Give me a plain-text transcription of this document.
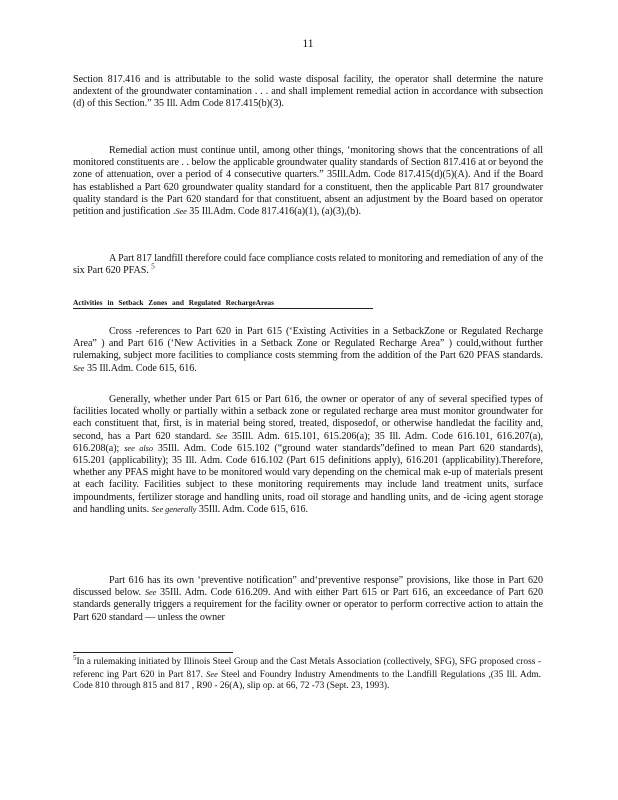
11

Section 817.416 and is attributable to the solid waste disposal facility, the operator shall determine the nature andextent of the groundwater contamination . . . and shall implement remedial action in accordance with subsection (d) of this Section.” 35 Ill. Adm Code 817.415(b)(3).

Remedial action must continue until, among other things, ‘monitoring shows that the concentrations of all monitored constituents are . . below the applicable groundwater quality standards of Section 817.416 at or beyond the zone of attenuation, over a period of 4 consecutive quarters.” 35Ill.Adm. Code 817.415(d)(5)(A). And if the Board has established a Part 620 groundwater quality standard for a constituent, then the applicable Part 817 groundwater quality standard is the Part 620 standard for that constituent, absent an adjustment by the Board based on operator petition and justification .See 35 Ill.Adm. Code 817.416(a)(1), (a)(3),(b).

A Part 817 landfill therefore could face compliance costs related to monitoring and remediation of any of the six Part 620 PFAS. $^5$

Activities in Setback Zones and Regulated RechargeAreas

Cross -references to Part 620 in Part 615 (‘Existing Activities in a SetbackZone or Regulated Recharge Area” ) and Part 616 (‘New Activities in a Setback Zone or Regulated Recharge Area” ) could,without further rulemaking, subject more facilities to compliance costs stemming from the addition of the Part 620 PFAS standards. See 35 Ill.Adm. Code 615, 616.

Generally, whether under Part 615 or Part 616, the owner or operator of any of several specified types of facilities located wholly or partially within a setback zone or regulated recharge area must monitor groundwater for each constituent that, first, is in material being stored, treated, disposedof, or otherwise handledat the facility and, second, has a Part 620 standard. See 35Ill. Adm. 615.101, 615.206(a); 35 Ill. Adm. Code 616.101, 616.207(a), 616.208(a); see also 35Ill. Adm. Code 615.102 (“ground water standards”defined to mean Part 620 standards), 615.201 (applicability); 35 Ill. Adm. Code 616.102 (Part 615 definitions apply), 616.201 (applicability).Therefore, whether any PFAS might have to be monitored would vary depending on the chemical mak e-up of materials present at each facility. Facilities subject to these monitoring requirements may include land treatment units, surface impoundments, fertilizer storage and handling units, road oil storage and handling units, and de -icing agent storage and handling units. See generally 35Ill. Adm. Code 615, 616.

Part 616 has its own ‘preventive notification” and‘preventive response” provisions, like those in Part 620 discussed below. See 35Ill. Adm. Code 616.209. And with either Part 615 or Part 616, an exceedance of Part 620 standards generally triggers a requirement for the facility owner or operator to perform corrective action to attain the Part 620 standard — unless the owner

$^5$In a rulemaking initiated by Illinois Steel Group and the Cast Metals Association (collectively, SFG), SFG proposed cross - referenc ing Part 620 in Part 817. See Steel and Foundry Industry Amendments to the Landfill Regulations ,(35 Ill. Adm. Code 810 through 815 and 817 , R90 - 26(A), slip op. at 66, 72 -73 (Sept. 23, 1993).
